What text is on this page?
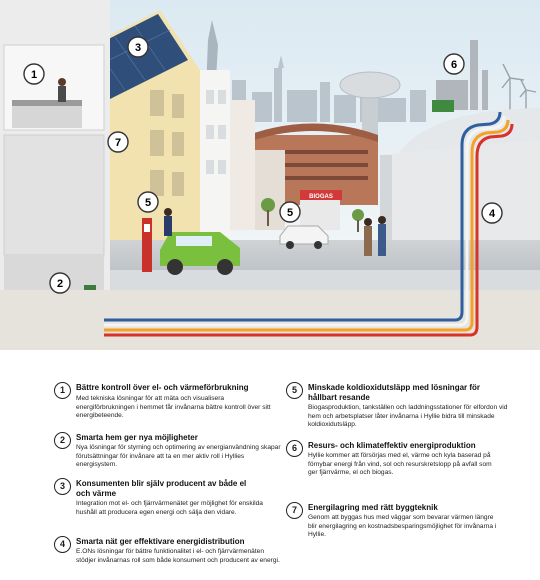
BIOGAS
1
2
3
4
5
5
6
7
1	Bättre kontroll över el- och värmeförbrukning
Med tekniska lösningar för att mäta och visualisera energiförbrukningen i hemmet får invånarna bättre kontroll över sitt energibeteende.
2	Smarta hem ger nya möjligheter
Nya lösningar för styrning och optimering av energianvändning skapar förutsättningar för invånare att ta en mer aktiv roll i Hyllies energisystem.
3	Konsumenten blir själv producent av både el och värme
Integration mot el- och fjärrvärmenätet ger möjlighet för enskilda hushåll att producera egen energi och sälja den vidare.
4	Smarta nät ger effektivare energidistribution
E.ONs lösningar för bättre funktionalitet i el- och fjärrvärmenäten stödjer invånarnas roll som både konsument och producent av energi.
5	Minskade koldioxidutsläpp med lösningar för hållbart resande
Biogasproduktion, tankställen och laddningsstationer för elfordon vid hem och arbetsplatser låter invånarna i Hyllie bidra till minskade koldioxidutsläpp.
6	Resurs- och klimateffektiv energiproduktion
Hyllie kommer att försörjas med el, värme och kyla baserad på förnybar energi från vind, sol och resurskretslopp på avfall som ger fjärrvärme, el och biogas.
7	Energilagring med rätt byggteknik
Genom att byggas hus med väggar som bevarar värmen längre blir energilagring en kostnadsbesparingsmöjlighet för invånarna i Hyllie.
